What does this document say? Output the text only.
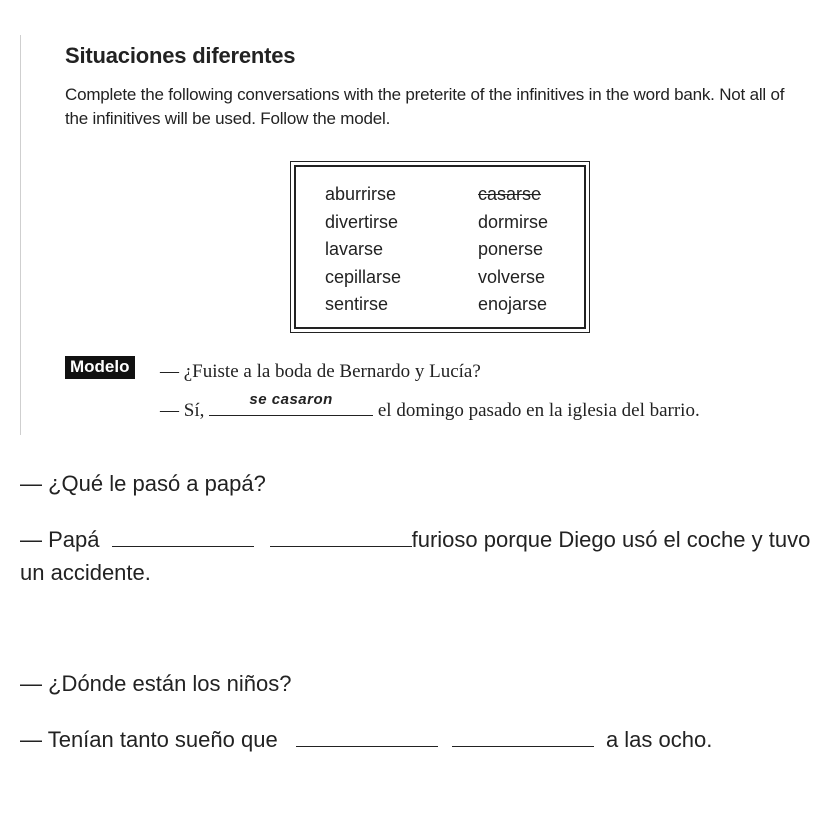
Situaciones diferentes
Complete the following conversations with the preterite of the infinitives in the word bank. Not all of the infinitives will be used. Follow the model.
aburrirse
divertirse
lavarse
cepillarse
sentirse
casarse
dormirse
ponerse
volverse
enojarse
Modelo — ¿Fuiste a la boda de Bernardo y Lucía?
— Sí,
se casaron
el domingo pasado en la iglesia del barrio.
— ¿Qué le pasó a papá?
— Papá	furioso porque Diego usó el coche y tuvo un accidente.
— ¿Dónde están los niños?
— Tenían tanto sueño que	a las ocho.
